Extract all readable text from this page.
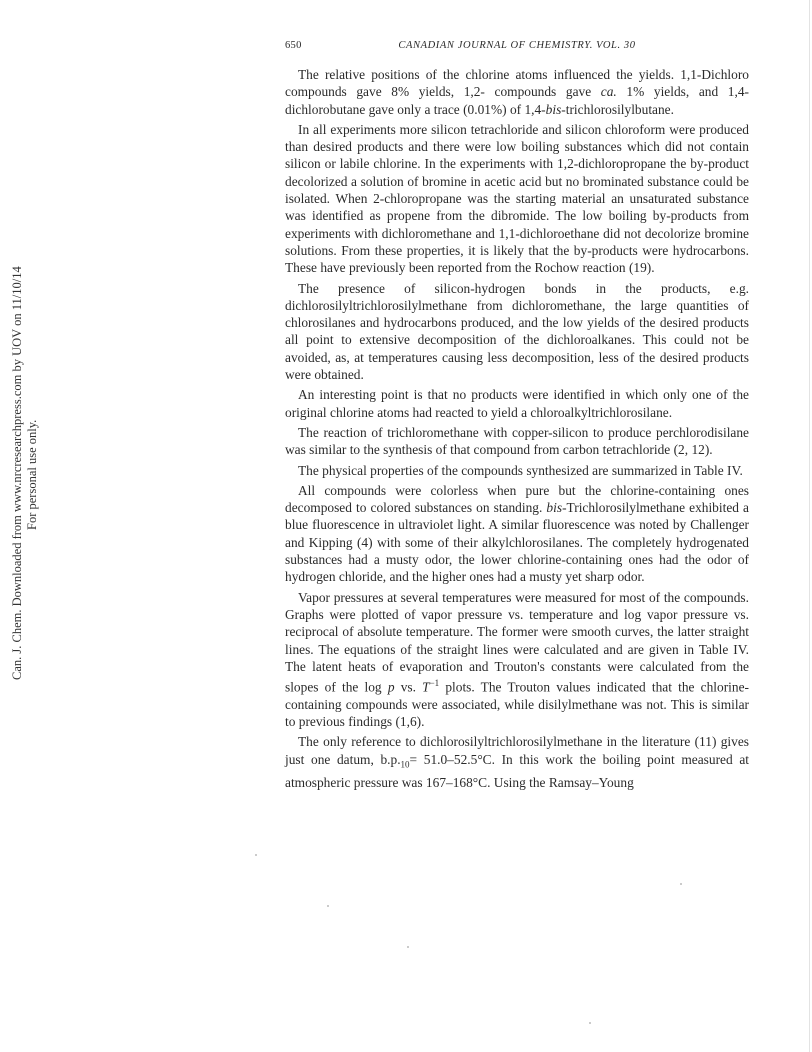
Can. J. Chem. Downloaded from www.nrcresearchpress.com by UOV on 11/10/14 For personal use only.
650	CANADIAN JOURNAL OF CHEMISTRY. VOL. 30

The relative positions of the chlorine atoms influenced the yields. 1,1-Dichloro compounds gave 8% yields, 1,2- compounds gave ca. 1% yields, and 1,4-dichlorobutane gave only a trace (0.01%) of 1,4-bis-trichlorosilylbutane.

In all experiments more silicon tetrachloride and silicon chloroform were produced than desired products and there were low boiling substances which did not contain silicon or labile chlorine. In the experiments with 1,2-dichloropropane the by-product decolorized a solution of bromine in acetic acid but no brominated substance could be isolated. When 2-chloropropane was the starting material an unsaturated substance was identified as propene from the dibromide. The low boiling by-products from experiments with dichloromethane and 1,1-dichloroethane did not decolorize bromine solutions. From these properties, it is likely that the by-products were hydrocarbons. These have previously been reported from the Rochow reaction (19).

The presence of silicon-hydrogen bonds in the products, e.g. dichlorosilyltrichlorosilylmethane from dichloromethane, the large quantities of chlorosilanes and hydrocarbons produced, and the low yields of the desired products all point to extensive decomposition of the dichloroalkanes. This could not be avoided, as, at temperatures causing less decomposition, less of the desired products were obtained.

An interesting point is that no products were identified in which only one of the original chlorine atoms had reacted to yield a chloroalkyltrichlorosilane.

The reaction of trichloromethane with copper-silicon to produce perchlorodisilane was similar to the synthesis of that compound from carbon tetrachloride (2, 12).

The physical properties of the compounds synthesized are summarized in Table IV.

All compounds were colorless when pure but the chlorine-containing ones decomposed to colored substances on standing. bis-Trichlorosilylmethane exhibited a blue fluorescence in ultraviolet light. A similar fluorescence was noted by Challenger and Kipping (4) with some of their alkylchlorosilanes. The completely hydrogenated substances had a musty odor, the lower chlorine-containing ones had the odor of hydrogen chloride, and the higher ones had a musty yet sharp odor.

Vapor pressures at several temperatures were measured for most of the compounds. Graphs were plotted of vapor pressure vs. temperature and log vapor pressure vs. reciprocal of absolute temperature. The former were smooth curves, the latter straight lines. The equations of the straight lines were calculated and are given in Table IV. The latent heats of evaporation and Trouton's constants were calculated from the slopes of the log p vs. $T^{-1}$ plots. The Trouton values indicated that the chlorine-containing compounds were associated, while disilylmethane was not. This is similar to previous findings (1,6).

The only reference to dichlorosilyltrichlorosilylmethane in the literature (11) gives just one datum, $b.p._{10}= 51.0-52.5^\circ C$. In this work the boiling point measured at atmospheric pressure was 167–168°C. Using the Ramsay–Young
